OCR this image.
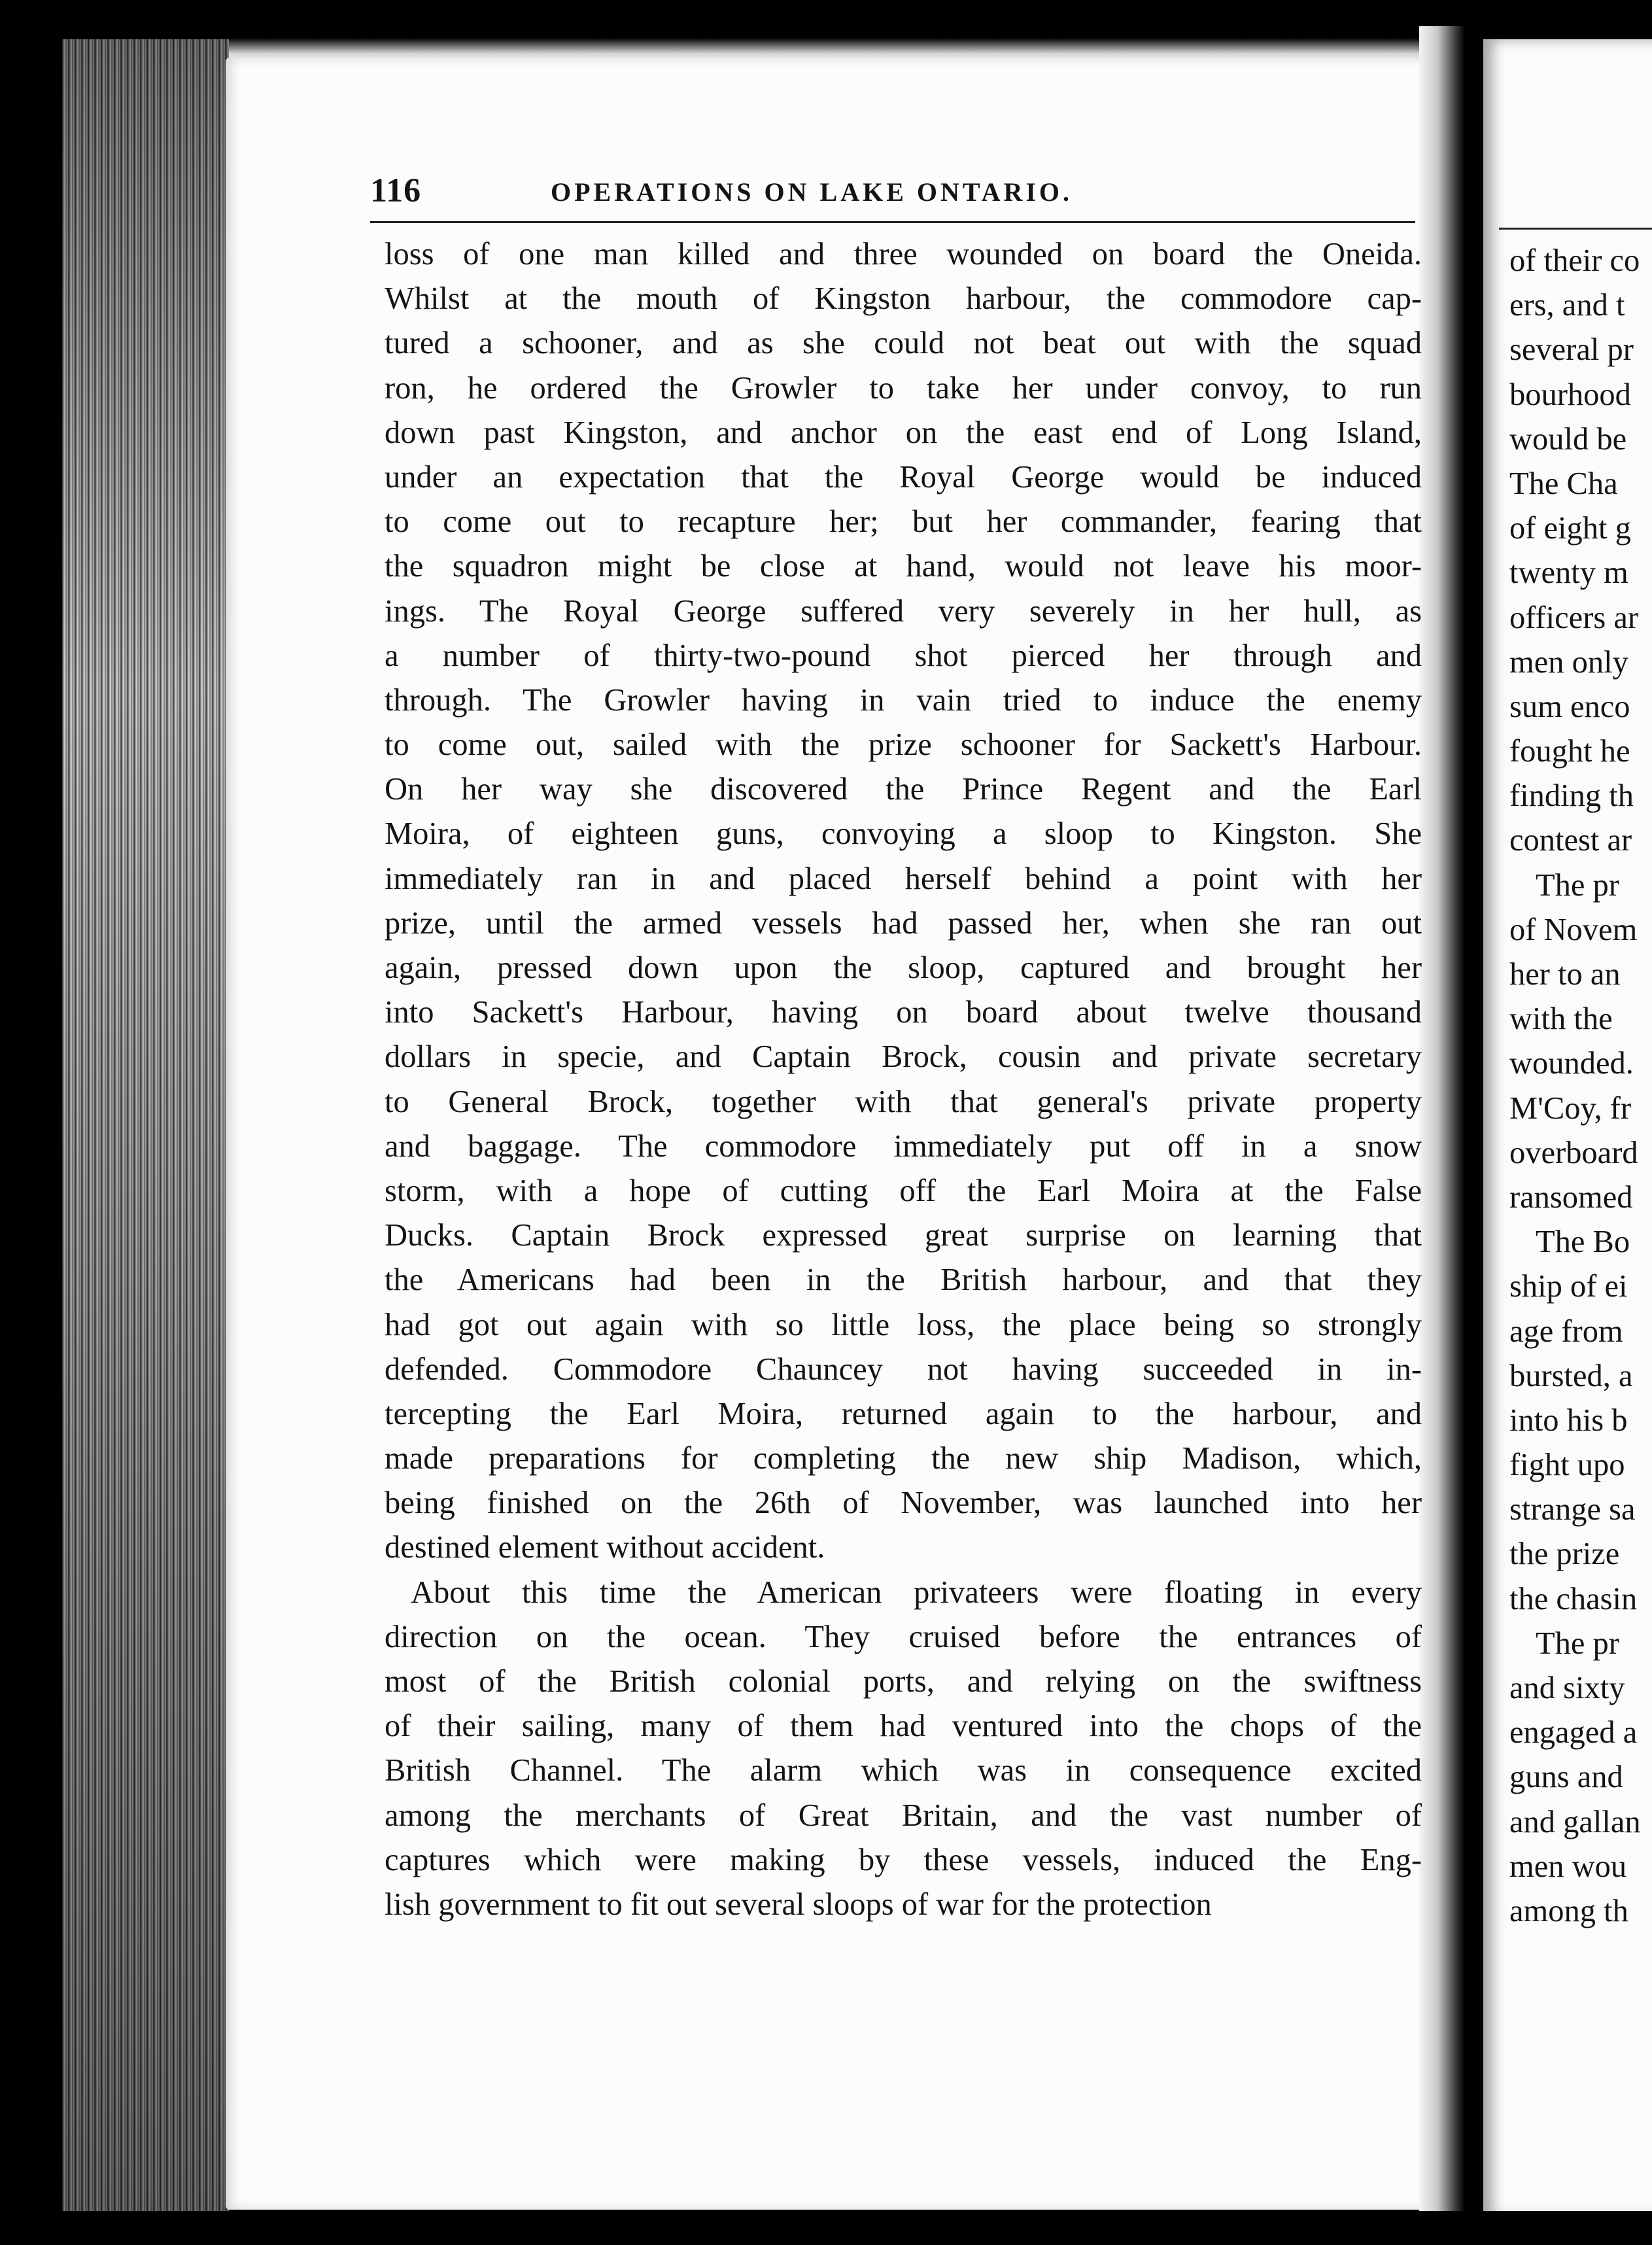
116	OPERATIONS ON LAKE ONTARIO.
loss of one man killed and three wounded on board the Oneida.
Whilst at the mouth of Kingston harbour, the commodore cap-
tured a schooner, and as she could not beat out with the squad
ron, he ordered the Growler to take her under convoy, to run
down past Kingston, and anchor on the east end of Long Island,
under an expectation that the Royal George would be induced
to come out to recapture her; but her commander, fearing that
the squadron might be close at hand, would not leave his moor-
ings. The Royal George suffered very severely in her hull, as
a number of thirty-two-pound shot pierced her through and
through. The Growler having in vain tried to induce the enemy
to come out, sailed with the prize schooner for Sackett's Harbour.
On her way she discovered the Prince Regent and the Earl
Moira, of eighteen guns, convoying a sloop to Kingston. She
immediately ran in and placed herself behind a point with her
prize, until the armed vessels had passed her, when she ran out
again, pressed down upon the sloop, captured and brought her
into Sackett's Harbour, having on board about twelve thousand
dollars in specie, and Captain Brock, cousin and private secretary
to General Brock, together with that general's private property
and baggage. The commodore immediately put off in a snow
storm, with a hope of cutting off the Earl Moira at the False
Ducks. Captain Brock expressed great surprise on learning that
the Americans had been in the British harbour, and that they
had got out again with so little loss, the place being so strongly
defended. Commodore Chauncey not having succeeded in in-
tercepting the Earl Moira, returned again to the harbour, and
made preparations for completing the new ship Madison, which,
being finished on the 26th of November, was launched into her
destined element without accident.
About this time the American privateers were floating in every
direction on the ocean. They cruised before the entrances of
most of the British colonial ports, and relying on the swiftness
of their sailing, many of them had ventured into the chops of the
British Channel. The alarm which was in consequence excited
among the merchants of Great Britain, and the vast number of
captures which were making by these vessels, induced the Eng-
lish government to fit out several sloops of war for the protection
of their co
ers, and t
several pr
bourhood
would be
The Cha
of eight g
twenty m
officers ar
men only
sum enco
fought he
finding th
contest ar
The pr
of Novem
her to an
with the
wounded.
M'Coy, fr
overboard
ransomed
The Bo
ship of ei
age from
bursted, a
into his b
fight upo
strange sa
the prize
the chasin
The pr
and sixty
engaged a
guns and
and gallan
men wou
among th
